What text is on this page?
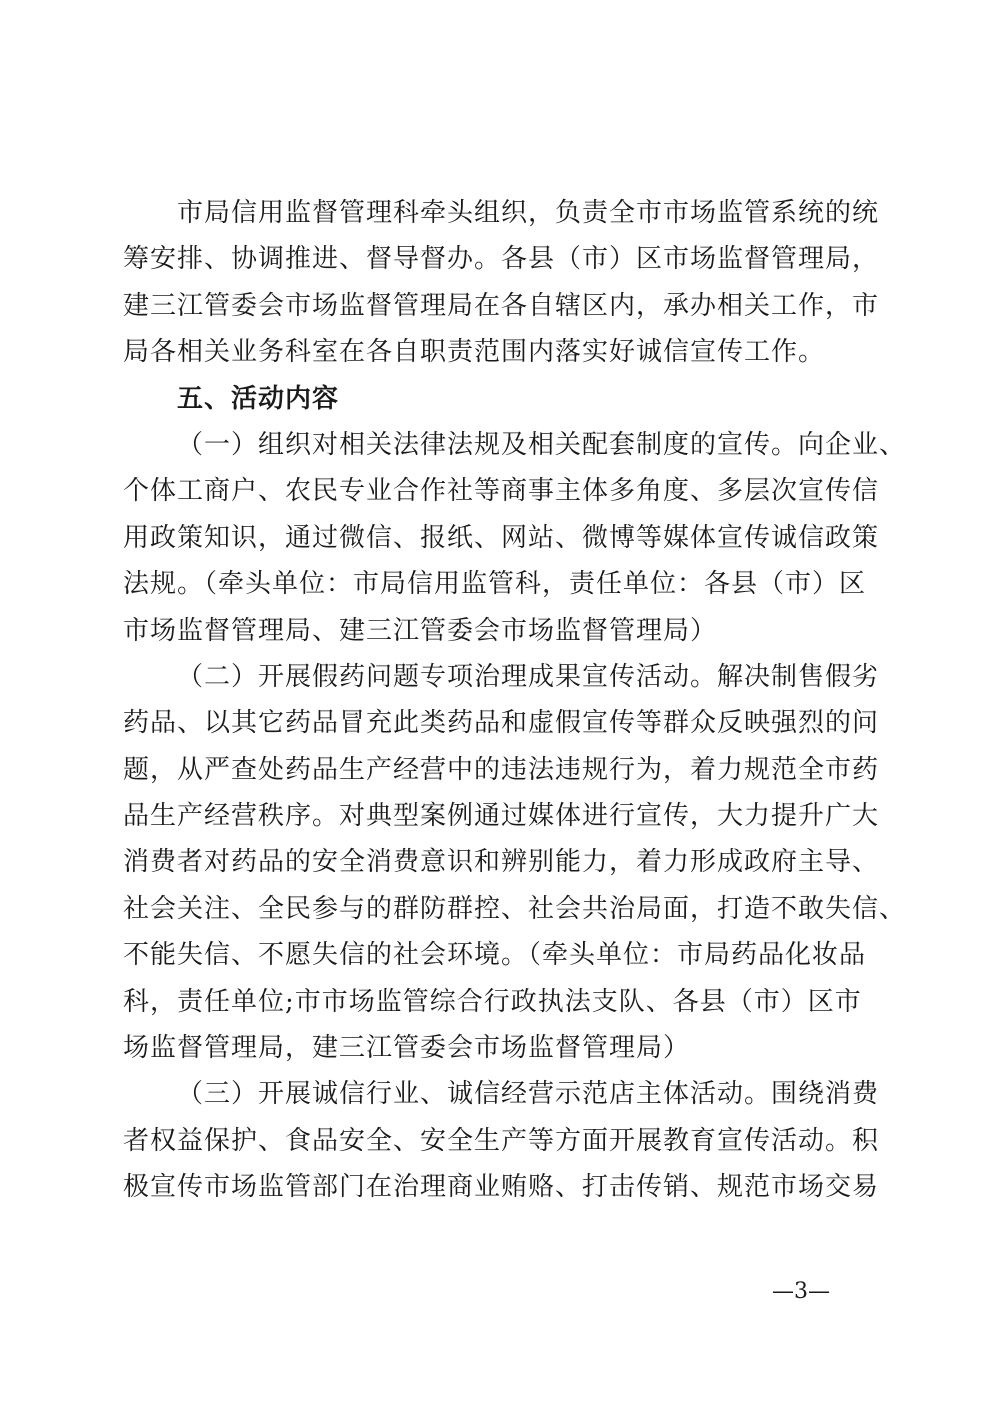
市局信用监督管理科牵头组织，负责全市市场监管系统的统
筹安排、协调推进、督导督办。各县（市）区市场监督管理局，
建三江管委会市场监督管理局在各自辖区内，承办相关工作，市
局各相关业务科室在各自职责范围内落实好诚信宣传工作。
五、活动内容
（一）组织对相关法律法规及相关配套制度的宣传。向企业、
个体工商户、农民专业合作社等商事主体多角度、多层次宣传信
用政策知识，通过微信、报纸、网站、微博等媒体宣传诚信政策
法规。（牵头单位：市局信用监管科，责任单位：各县（市）区
市场监督管理局、建三江管委会市场监督管理局）
（二）开展假药问题专项治理成果宣传活动。解决制售假劣
药品、以其它药品冒充此类药品和虚假宣传等群众反映强烈的问
题，从严查处药品生产经营中的违法违规行为，着力规范全市药
品生产经营秩序。对典型案例通过媒体进行宣传，大力提升广大
消费者对药品的安全消费意识和辨别能力，着力形成政府主导、
社会关注、全民参与的群防群控、社会共治局面，打造不敢失信、
不能失信、不愿失信的社会环境。（牵头单位：市局药品化妆品
科，责任单位;市市场监管综合行政执法支队、各县（市）区市
场监督管理局，建三江管委会市场监督管理局）
（三）开展诚信行业、诚信经营示范店主体活动。围绕消费
者权益保护、食品安全、安全生产等方面开展教育宣传活动。积
极宣传市场监管部门在治理商业贿赂、打击传销、规范市场交易
—3—
